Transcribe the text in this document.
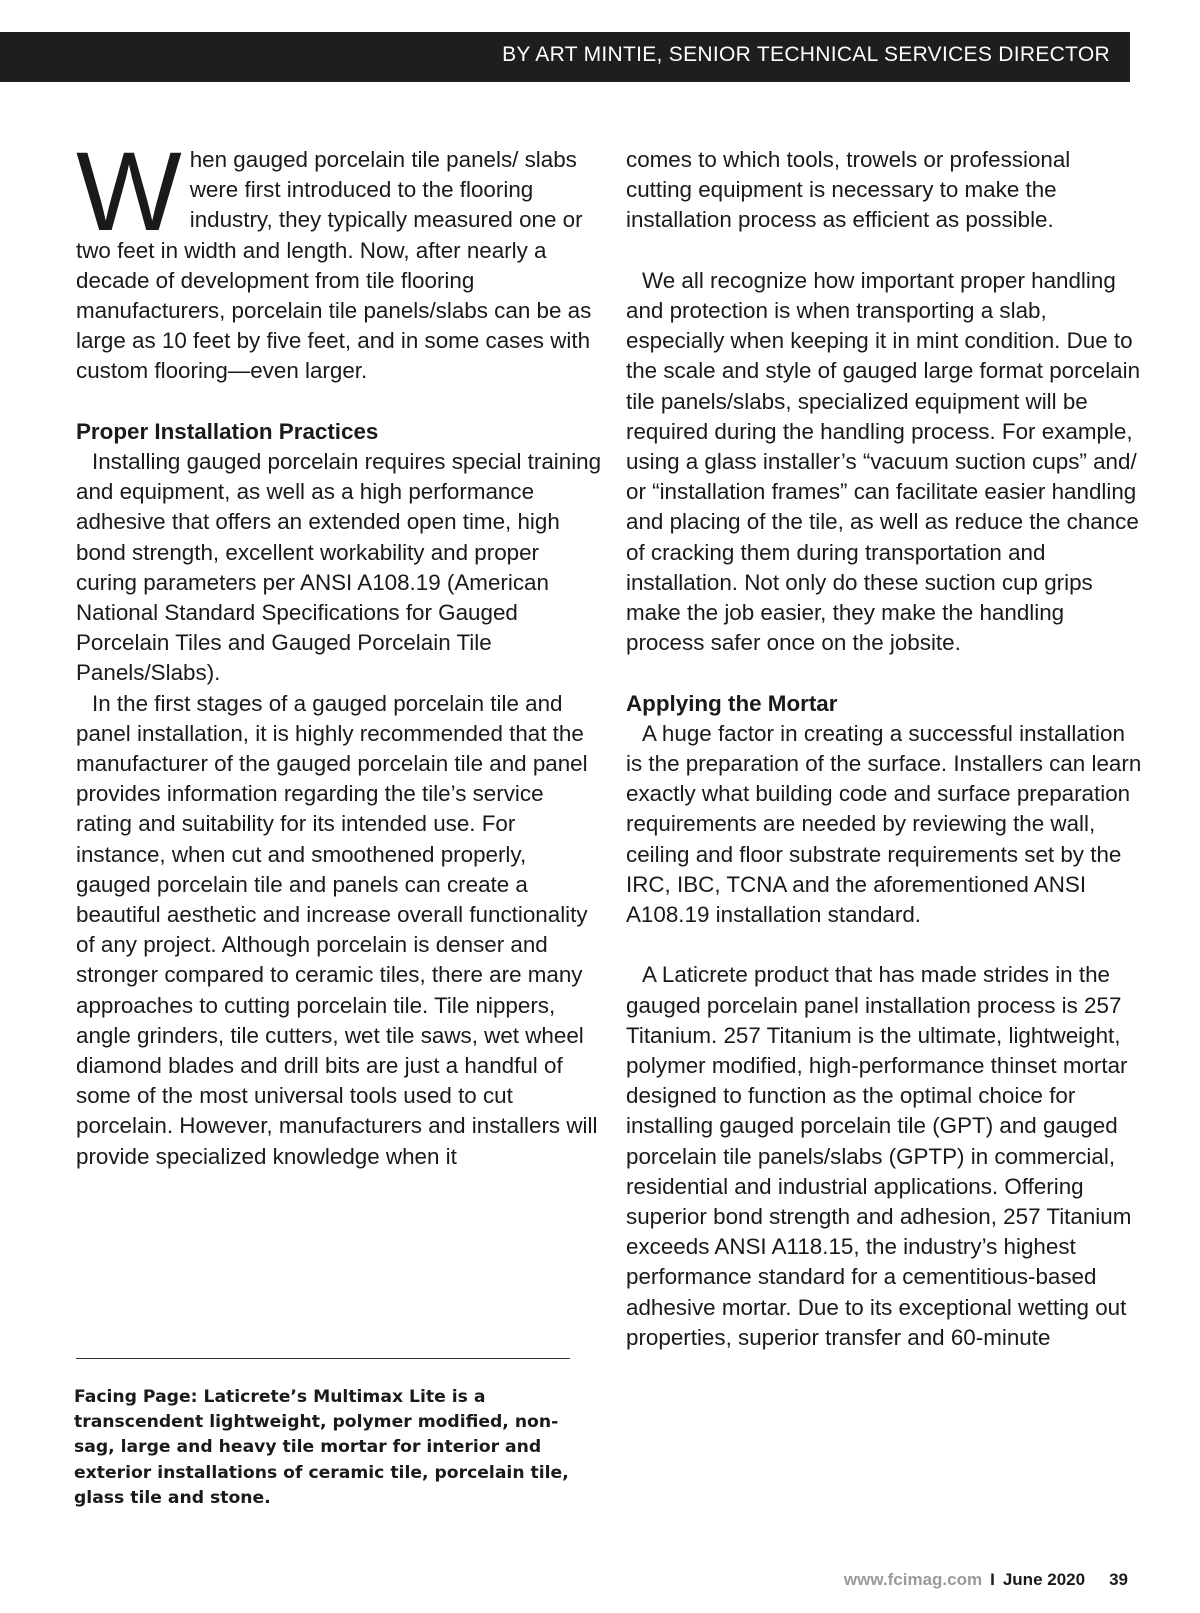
BY ART MINTIE, SENIOR TECHNICAL SERVICES DIRECTOR

When gauged porcelain tile panels/ slabs were first introduced to the flooring industry, they typically measured one or two feet in width and length. Now, after nearly a decade of development from tile flooring manufacturers, porcelain tile panels/slabs can be as large as 10 feet by five feet, and in some cases with custom flooring—even larger.

Proper Installation Practices

Installing gauged porcelain requires special training and equipment, as well as a high performance adhesive that offers an extended open time, high bond strength, excellent workability and proper curing parameters per ANSI A108.19 (American National Standard Specifications for Gauged Porcelain Tiles and Gauged Porcelain Tile Panels/Slabs).

In the first stages of a gauged porcelain tile and panel installation, it is highly recommended that the manufacturer of the gauged porcelain tile and panel provides information regarding the tile’s service rating and suitability for its intended use. For instance, when cut and smoothened properly, gauged porcelain tile and panels can create a beautiful aesthetic and increase overall functionality of any project. Although porcelain is denser and stronger compared to ceramic tiles, there are many approaches to cutting porcelain tile. Tile nippers, angle grinders, tile cutters, wet tile saws, wet wheel diamond blades and drill bits are just a handful of some of the most universal tools used to cut porcelain. However, manufacturers and installers will provide specialized knowledge when it

comes to which tools, trowels or professional cutting equipment is necessary to make the installation process as efficient as possible.

We all recognize how important proper handling and protection is when transporting a slab, especially when keeping it in mint condition. Due to the scale and style of gauged large format porcelain tile panels/slabs, specialized equipment will be required during the handling process. For example, using a glass installer’s “vacuum suction cups” and/ or “installation frames” can facilitate easier handling and placing of the tile, as well as reduce the chance of cracking them during transportation and installation. Not only do these suction cup grips make the job easier, they make the handling process safer once on the jobsite.

Applying the Mortar

A huge factor in creating a successful installation is the preparation of the surface. Installers can learn exactly what building code and surface preparation requirements are needed by reviewing the wall, ceiling and floor substrate requirements set by the IRC, IBC, TCNA and the aforementioned ANSI A108.19 installation standard.

A Laticrete product that has made strides in the gauged porcelain panel installation process is 257 Titanium. 257 Titanium is the ultimate, lightweight, polymer modified, high-performance thinset mortar designed to function as the optimal choice for installing gauged porcelain tile (GPT) and gauged porcelain tile panels/slabs (GPTP) in commercial, residential and industrial applications. Offering superior bond strength and adhesion, 257 Titanium exceeds ANSI A118.15, the industry’s highest performance standard for a cementitious-based adhesive mortar. Due to its exceptional wetting out properties, superior transfer and 60-minute

Facing Page: Laticrete’s Multimax Lite is a transcendent lightweight, polymer modified, non-sag, large and heavy tile mortar for interior and exterior installations of ceramic tile, porcelain tile, glass tile and stone.
www.fcimag.com I June 2020 39
